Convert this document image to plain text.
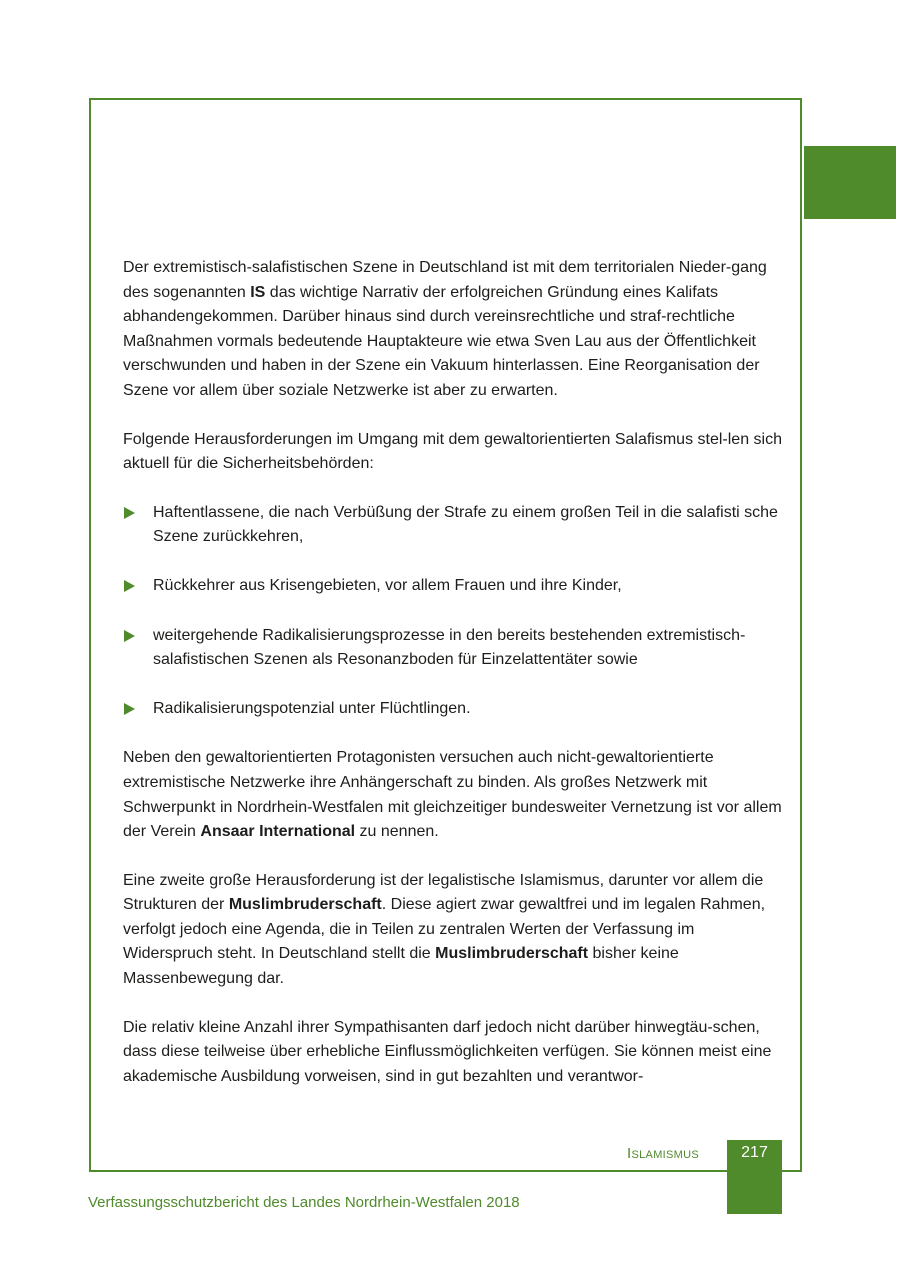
Der extremistisch-salafistischen Szene in Deutschland ist mit dem territorialen Nieder-gang des sogenannten IS das wichtige Narrativ der erfolgreichen Gründung eines Kalifats abhandengekommen. Darüber hinaus sind durch vereinsrechtliche und straf-rechtliche Maßnahmen vormals bedeutende Hauptakteure wie etwa Sven Lau aus der Öffentlichkeit verschwunden und haben in der Szene ein Vakuum hinterlassen. Eine Reorganisation der Szene vor allem über soziale Netzwerke ist aber zu erwarten.

Folgende Herausforderungen im Umgang mit dem gewaltorientierten Salafismus stel-len sich aktuell für die Sicherheitsbehörden:

Haftentlassene, die nach Verbüßung der Strafe zu einem großen Teil in die salafisti sche Szene zurückkehren,
Rückkehrer aus Krisengebieten, vor allem Frauen und ihre Kinder,
weitergehende Radikalisierungsprozesse in den bereits bestehenden extremistisch-salafistischen Szenen als Resonanzboden für Einzelattentäter sowie
Radikalisierungspotenzial unter Flüchtlingen.

Neben den gewaltorientierten Protagonisten versuchen auch nicht-gewaltorientierte extremistische Netzwerke ihre Anhängerschaft zu binden. Als großes Netzwerk mit Schwerpunkt in Nordrhein-Westfalen mit gleichzeitiger bundesweiter Vernetzung ist vor allem der Verein Ansaar International zu nennen.

Eine zweite große Herausforderung ist der legalistische Islamismus, darunter vor allem die Strukturen der Muslimbruderschaft. Diese agiert zwar gewaltfrei und im legalen Rahmen, verfolgt jedoch eine Agenda, die in Teilen zu zentralen Werten der Verfassung im Widerspruch steht. In Deutschland stellt die Muslimbruderschaft bisher keine Massenbewegung dar.

Die relativ kleine Anzahl ihrer Sympathisanten darf jedoch nicht darüber hinwegtäu-schen, dass diese teilweise über erhebliche Einflussmöglichkeiten verfügen. Sie können meist eine akademische Ausbildung vorweisen, sind in gut bezahlten und verantwor-

Islamismus	217
Verfassungsschutzbericht des Landes Nordrhein-Westfalen 2018
